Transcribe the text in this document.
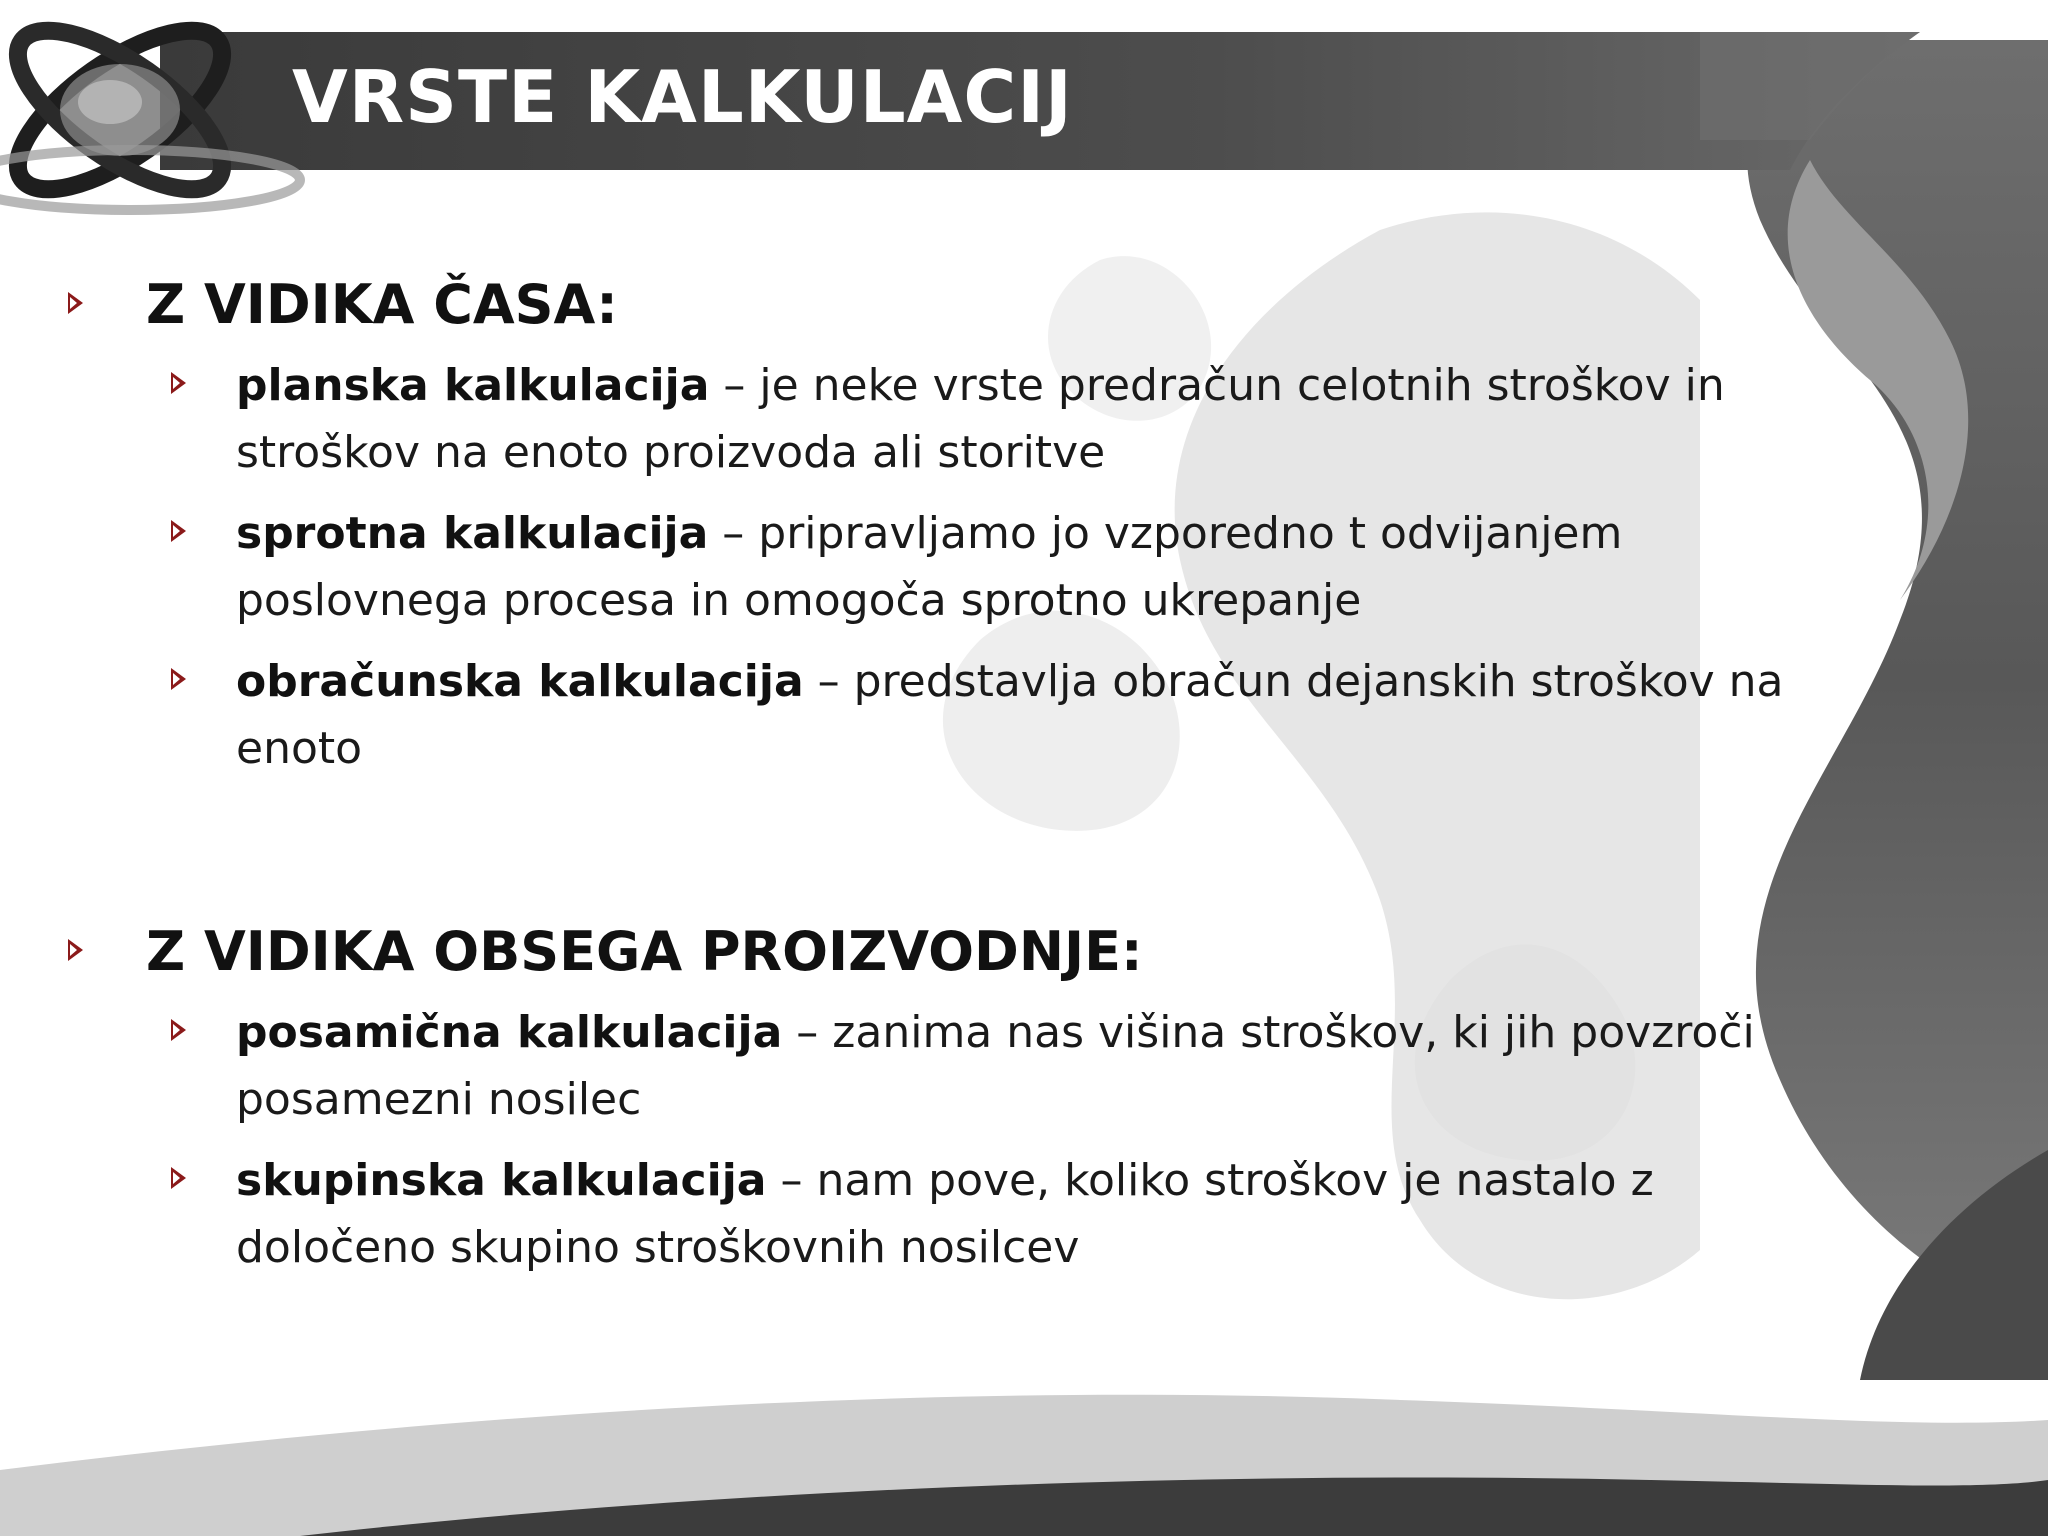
VRSTE KALKULACIJ
Z VIDIKA ČASA:
planska kalkulacija – je neke vrste predračun celotnih stroškov in stroškov na enoto proizvoda ali storitve
sprotna kalkulacija – pripravljamo jo vzporedno t odvijanjem poslovnega procesa in omogoča sprotno ukrepanje
obračunska kalkulacija – predstavlja obračun dejanskih stroškov na enoto
Z VIDIKA OBSEGA PROIZVODNJE:
posamična kalkulacija – zanima nas višina stroškov, ki jih povzroči posamezni nosilec
skupinska kalkulacija – nam pove, koliko stroškov je nastalo z določeno skupino stroškovnih nosilcev
